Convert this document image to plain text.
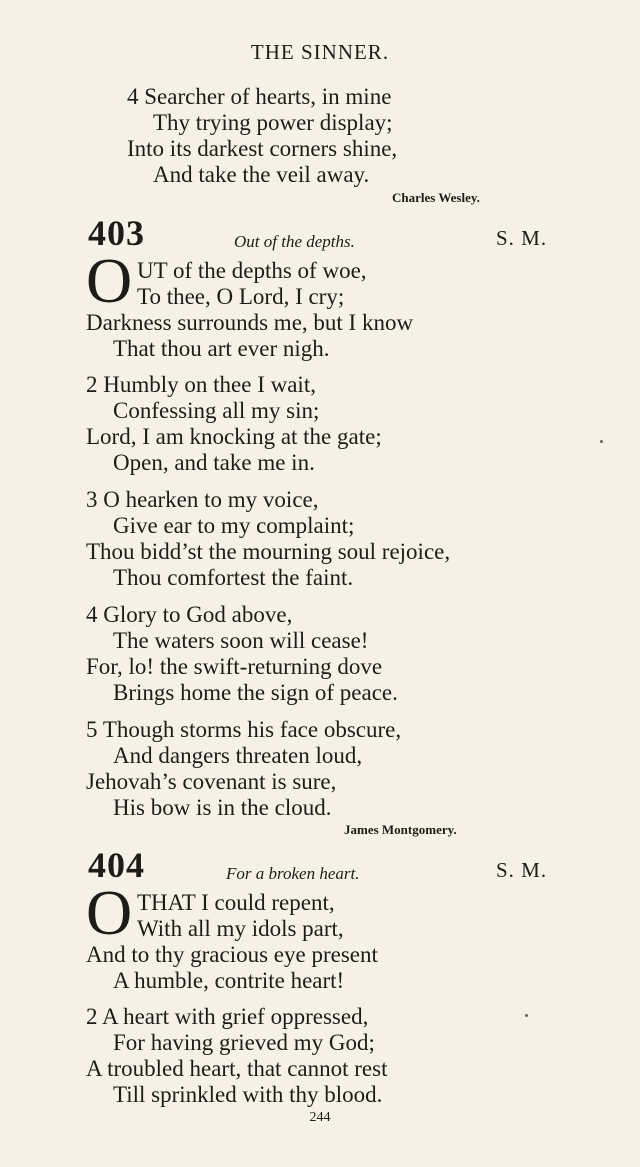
THE SINNER.
4 Searcher of hearts, in mine
Thy trying power display;
Into its darkest corners shine,
And take the veil away.
Charles Wesley.
403	Out of the depths.	S. M.
O UT of the depths of woe,
To thee, O Lord, I cry;
Darkness surrounds me, but I know
That thou art ever nigh.
2 Humbly on thee I wait,
Confessing all my sin;
Lord, I am knocking at the gate;
Open, and take me in.
3 O hearken to my voice,
Give ear to my complaint;
Thou bidd’st the mourning soul rejoice,
Thou comfortest the faint.
4 Glory to God above,
The waters soon will cease!
For, lo! the swift-returning dove
Brings home the sign of peace.
5 Though storms his face obscure,
And dangers threaten loud,
Jehovah’s covenant is sure,
His bow is in the cloud.
James Montgomery.
404	For a broken heart.	S. M.
O THAT I could repent,
With all my idols part,
And to thy gracious eye present
A humble, contrite heart!
2 A heart with grief oppressed,
For having grieved my God;
A troubled heart, that cannot rest
Till sprinkled with thy blood.
244
